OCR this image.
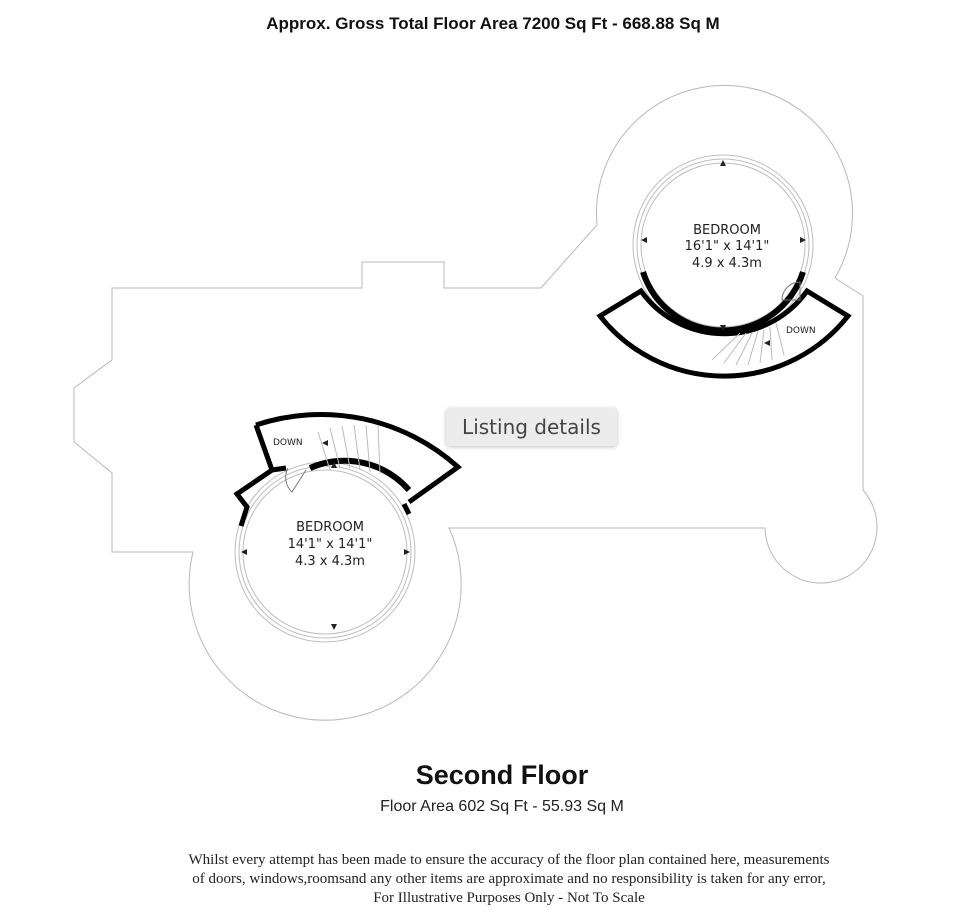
Approx. Gross Total Floor Area 7200 Sq Ft - 668.88 Sq M
BEDROOM
16'1" x 14'1"
4.9 x 4.3m
DOWN
BEDROOM
14'1" x 14'1"
4.3 x 4.3m
DOWN
Listing details
Second Floor
Floor Area 602 Sq Ft - 55.93 Sq M
Whilst every attempt has been made to ensure the accuracy of the floor plan contained here, measurements
of doors, windows,roomsand any other items are approximate and no responsibility is taken for any error,
For Illustrative Purposes Only - Not To Scale
